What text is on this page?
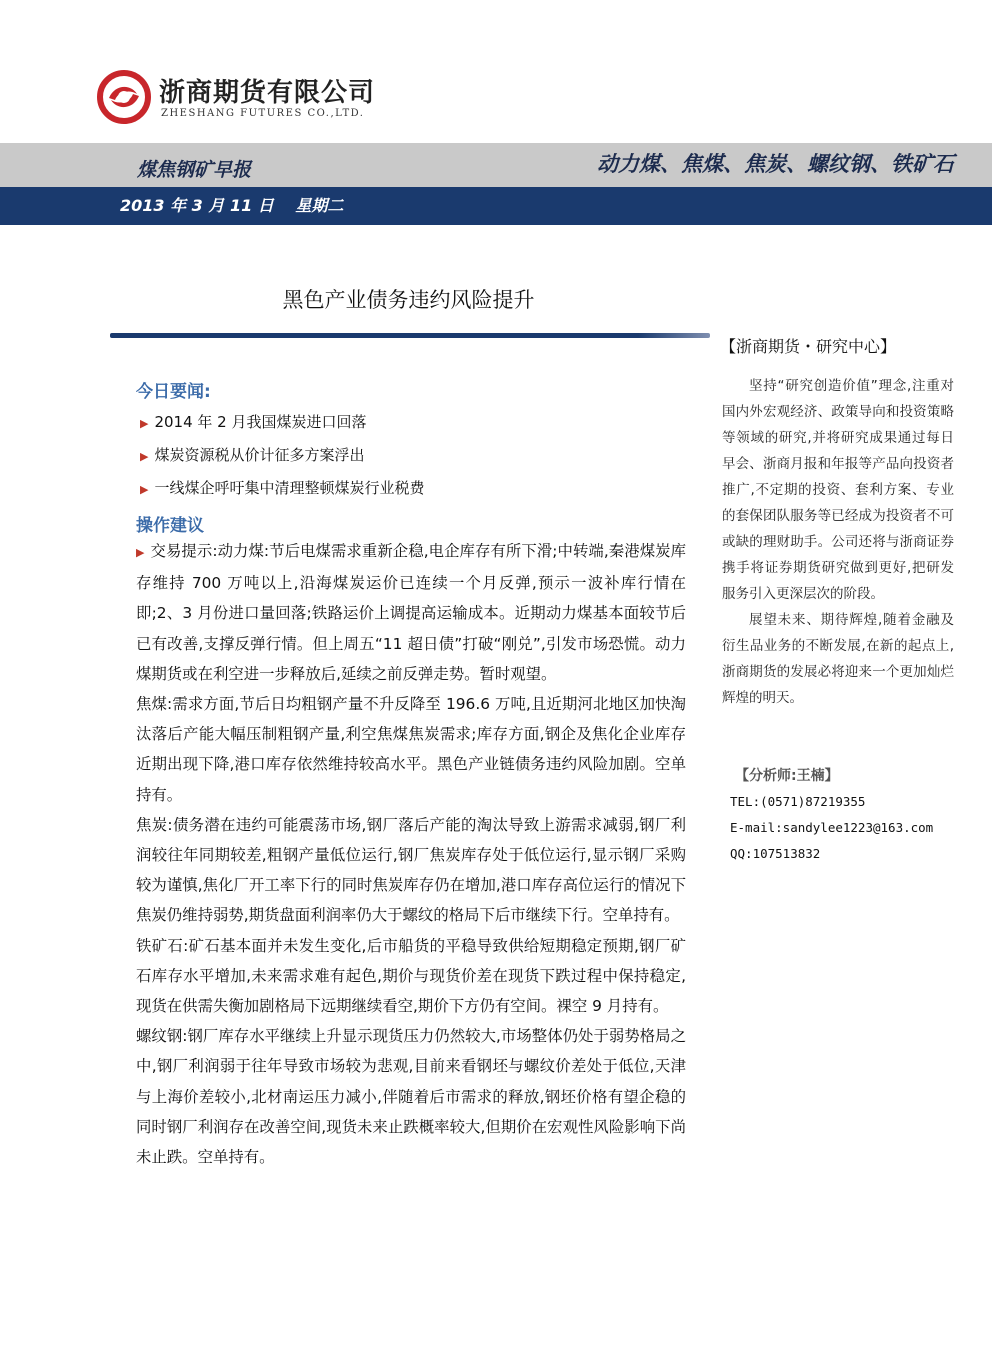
浙商期货有限公司
ZHESHANG FUTURES CO.,LTD.
煤焦钢矿早报	动力煤、焦煤、焦炭、螺纹钢、铁矿石
2013 年 3 月 11 日 星期二
黑色产业债务违约风险提升
【浙商期货・研究中心】

坚持“研究创造价值”理念,注重对国内外宏观经济、政策导向和投资策略等领域的研究,并将研究成果通过每日早会、浙商月报和年报等产品向投资者推广,不定期的投资、套利方案、专业的套保团队服务等已经成为投资者不可或缺的理财助手。公司还将与浙商证券携手将证券期货研究做到更好,把研发服务引入更深层次的阶段。

展望未来、期待辉煌,随着金融及衍生品业务的不断发展,在新的起点上,浙商期货的发展必将迎来一个更加灿烂辉煌的明天。

【分析师:王楠】
TEL:(0571)87219355
E-mail:sandylee1223@163.com
QQ:107513832
今日要闻:
▶ 2014 年 2 月我国煤炭进口回落
▶ 煤炭资源税从价计征多方案浮出
▶ 一线煤企呼吁集中清理整顿煤炭行业税费
操作建议

▶ 交易提示:动力煤:节后电煤需求重新企稳,电企库存有所下滑;中转端,秦港煤炭库存维持 700 万吨以上,沿海煤炭运价已连续一个月反弹,预示一波补库行情在即;2、3 月份进口量回落;铁路运价上调提高运输成本。近期动力煤基本面较节后已有改善,支撑反弹行情。但上周五“11 超日债”打破“刚兑”,引发市场恐慌。动力煤期货或在利空进一步释放后,延续之前反弹走势。暂时观望。

焦煤:需求方面,节后日均粗钢产量不升反降至 196.6 万吨,且近期河北地区加快淘汰落后产能大幅压制粗钢产量,利空焦煤焦炭需求;库存方面,钢企及焦化企业库存近期出现下降,港口库存依然维持较高水平。黑色产业链债务违约风险加剧。空单持有。

焦炭:债务潜在违约可能震荡市场,钢厂落后产能的淘汰导致上游需求减弱,钢厂利润较往年同期较差,粗钢产量低位运行,钢厂焦炭库存处于低位运行,显示钢厂采购较为谨慎,焦化厂开工率下行的同时焦炭库存仍在增加,港口库存高位运行的情况下焦炭仍维持弱势,期货盘面利润率仍大于螺纹的格局下后市继续下行。空单持有。

铁矿石:矿石基本面并未发生变化,后市船货的平稳导致供给短期稳定预期,钢厂矿石库存水平增加,未来需求难有起色,期价与现货价差在现货下跌过程中保持稳定,现货在供需失衡加剧格局下远期继续看空,期价下方仍有空间。裸空 9 月持有。

螺纹钢:钢厂库存水平继续上升显示现货压力仍然较大,市场整体仍处于弱势格局之中,钢厂利润弱于往年导致市场较为悲观,目前来看钢坯与螺纹价差处于低位,天津与上海价差较小,北材南运压力减小,伴随着后市需求的释放,钢坯价格有望企稳的同时钢厂利润存在改善空间,现货未来止跌概率较大,但期价在宏观性风险影响下尚未止跌。空单持有。
